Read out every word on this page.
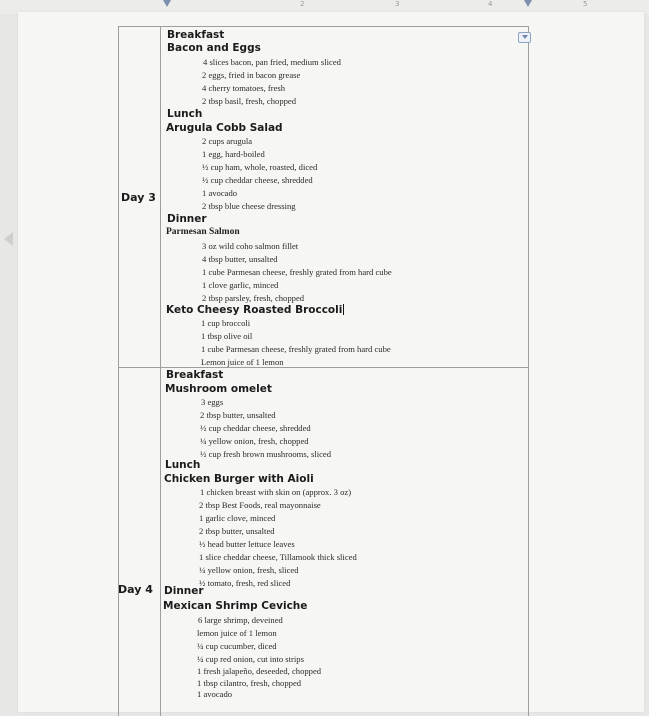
2	3	4	5
Day 3
Breakfast
Bacon and Eggs
4 slices bacon, pan fried, medium sliced
2 eggs, fried in bacon grease
4 cherry tomatoes, fresh
2 tbsp basil, fresh, chopped
Lunch
Arugula Cobb Salad
2 cups arugula
1 egg, hard-boiled
½ cup ham, whole, roasted, diced
½ cup cheddar cheese, shredded
1 avocado
2 tbsp blue cheese dressing
Dinner
Parmesan Salmon
3 oz wild coho salmon fillet
4 tbsp butter, unsalted
1 cube Parmesan cheese, freshly grated from hard cube
1 clove garlic, minced
2 tbsp parsley, fresh, chopped
Keto Cheesy Roasted Broccoli
1 cup broccoli
1 tbsp olive oil
1 cube Parmesan cheese, freshly grated from hard cube
Lemon juice of 1 lemon
Day 4
Breakfast
Mushroom omelet
3 eggs
2 tbsp butter, unsalted
½ cup cheddar cheese, shredded
¼ yellow onion, fresh, chopped
½ cup fresh brown mushrooms, sliced
Lunch
Chicken Burger with Aioli
1 chicken breast with skin on (approx. 3 oz)
2 tbsp Best Foods, real mayonnaise
1 garlic clove, minced
2 tbsp butter, unsalted
½ head butter lettuce leaves
1 slice cheddar cheese, Tillamook thick sliced
¼ yellow onion, fresh, sliced
½ tomato, fresh, red sliced
Dinner
Mexican Shrimp Ceviche
6 large shrimp, deveined
lemon juice of 1 lemon
¼ cup cucumber, diced
¼ cup red onion, cut into strips
1 fresh jalapeño, deseeded, chopped
1 tbsp cilantro, fresh, chopped
1 avocado
